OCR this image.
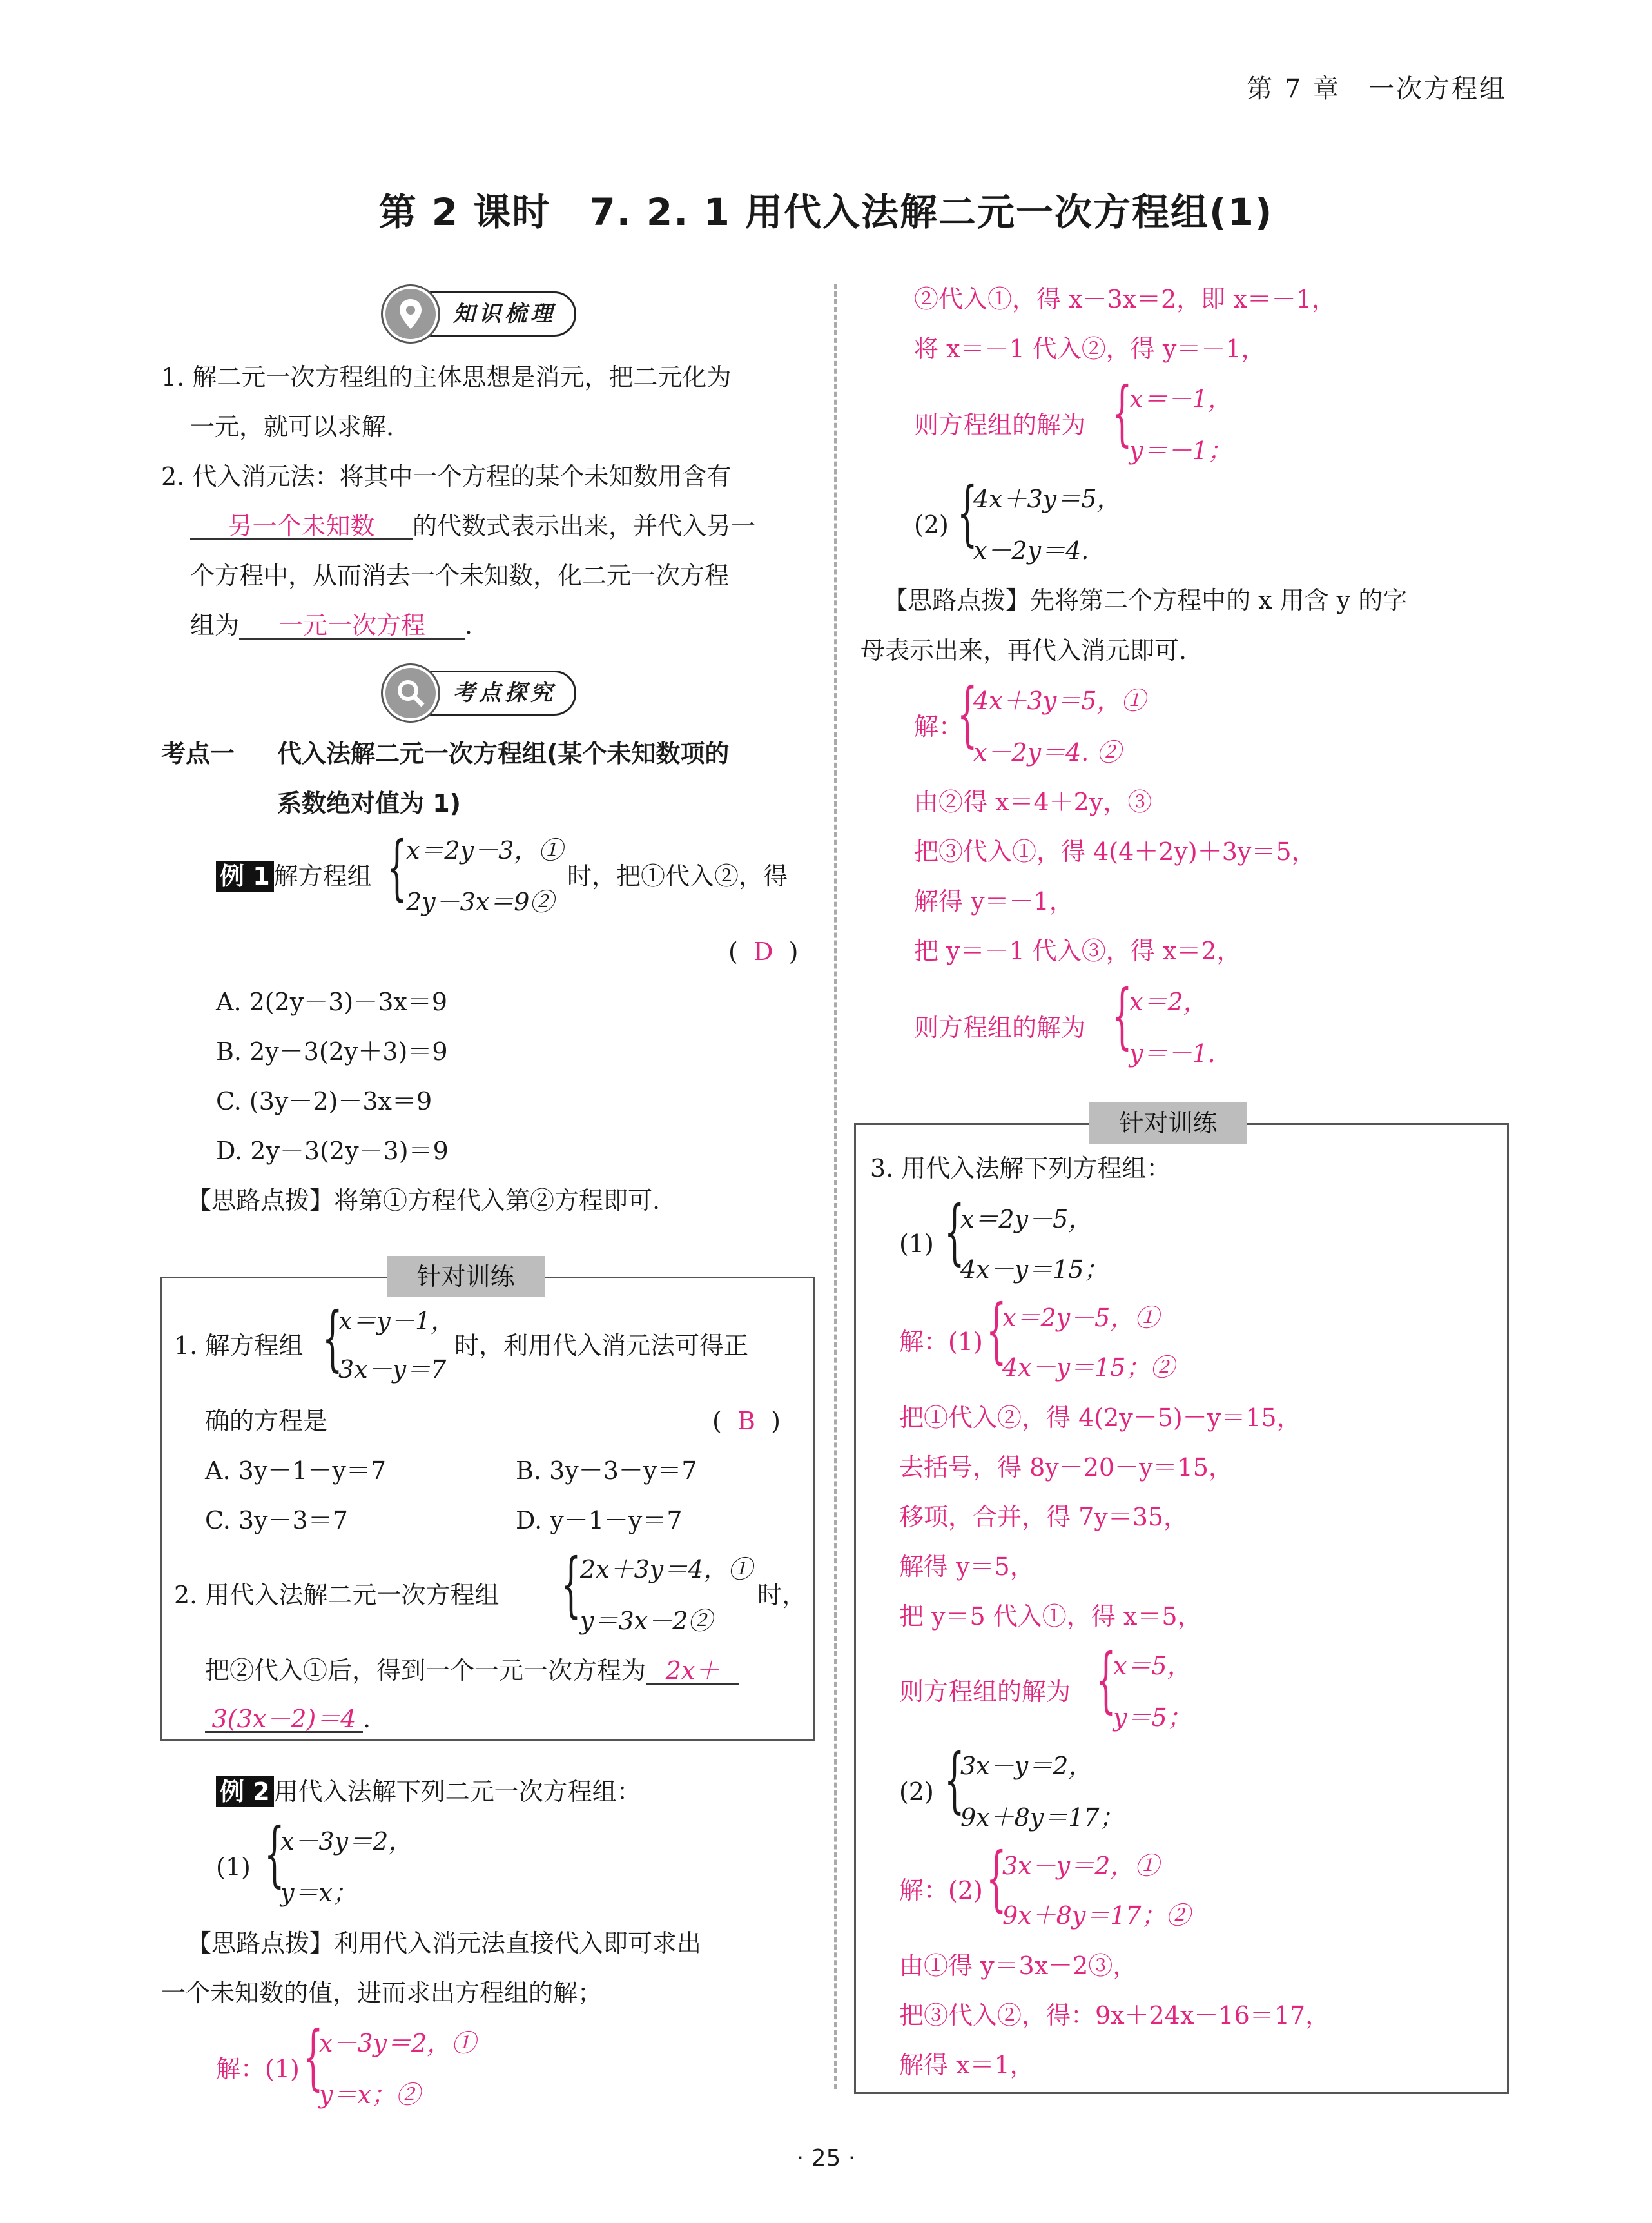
第 7 章　一次方程组
第 2 课时　7. 2. 1 用代入法解二元一次方程组(1)
知识梳理
1. 解二元一次方程组的主体思想是消元，把二元化为
一元，就可以求解.
2. 代入消元法：将其中一个方程的某个未知数用含有
另一个未知数 的代数式表示出来，并代入另一
个方程中，从而消去一个未知数，化二元一次方程
组为 一元一次方程 .
考点探究
考点一 代入法解二元一次方程组(某个未知数项的
系数绝对值为 1)
例 1 解方程组 {
x＝2y－3，①
2y－3x＝9②
时，把①代入②，得
( D )
A. 2(2y－3)－3x＝9
B. 2y－3(2y＋3)＝9
C. (3y－2)－3x＝9
D. 2y－3(2y－3)＝9
【思路点拨】将第①方程代入第②方程即可.
针对训练
1. 解方程组 {
x＝y－1，
3x－y＝7
时，利用代入消元法可得正
确的方程是	( B )
A. 3y－1－y＝7	B. 3y－3－y＝7
C. 3y－3＝7	D. y－1－y＝7
2. 用代入法解二元一次方程组 {
2x＋3y＝4，①
y＝3x－2②
时，
把②代入①后，得到一个一元一次方程为 2x＋
3(3x－2)＝4 .
例 2 用代入法解下列二元一次方程组：
(1) {
x－3y＝2，
y＝x；
【思路点拨】利用代入消元法直接代入即可求出
一个未知数的值，进而求出方程组的解；
解：(1) {
x－3y＝2，①
y＝x；②
②代入①，得 x－3x＝2，即 x＝－1，
将 x＝－1 代入②，得 y＝－1，
则方程组的解为 {
x＝－1，
y＝－1；
(2) {
4x＋3y＝5，
x－2y＝4.
【思路点拨】先将第二个方程中的 x 用含 y 的字
母表示出来，再代入消元即可.
解：
{
4x＋3y＝5，①
x－2y＝4. ②
由②得 x＝4＋2y，③
把③代入①，得 4(4＋2y)＋3y＝5，
解得 y＝－1，
把 y＝－1 代入③，得 x＝2，
则方程组的解为 {
x＝2，
y＝－1.
针对训练
3. 用代入法解下列方程组：
(1) {
x＝2y－5，
4x－y＝15；
解：(1) {
x＝2y－5，①
4x－y＝15；②
把①代入②，得 4(2y－5)－y＝15，
去括号，得 8y－20－y＝15，
移项，合并，得 7y＝35，
解得 y＝5，
把 y＝5 代入①，得 x＝5，
则方程组的解为 {
x＝5，
y＝5；
(2) {
3x－y＝2，
9x＋8y＝17；
解：(2) {
3x－y＝2，①
9x＋8y＝17；②
由①得 y＝3x－2③，
把③代入②，得：9x＋24x－16＝17，
解得 x＝1，
· 25 ·
